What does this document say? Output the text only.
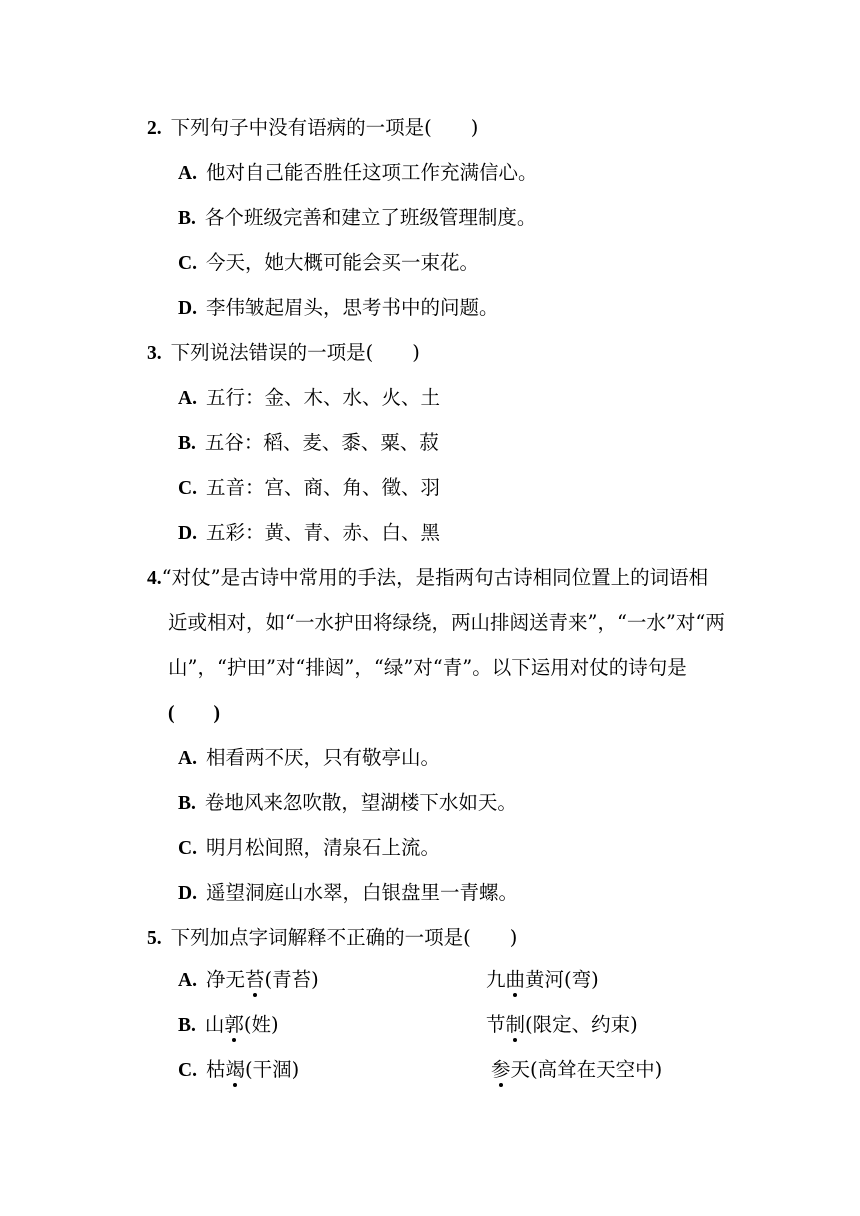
2. 下列句子中没有语病的一项是(　　)
A. 他对自己能否胜任这项工作充满信心。
B. 各个班级完善和建立了班级管理制度。
C. 今天，她大概可能会买一束花。
D. 李伟皱起眉头，思考书中的问题。
3. 下列说法错误的一项是(　　)
A. 五行：金、木、水、火、土
B. 五谷：稻、麦、黍、粟、菽
C. 五音：宫、商、角、徵、羽
D. 五彩：黄、青、赤、白、黑
4.“对仗”是古诗中常用的手法，是指两句古诗相同位置上的词语相
近或相对，如“一水护田将绿绕，两山排闼送青来”，“一水”对“两
山”，“护田”对“排闼”，“绿”对“青”。以下运用对仗的诗句是
(　　)
A. 相看两不厌，只有敬亭山。
B. 卷地风来忽吹散，望湖楼下水如天。
C. 明月松间照，清泉石上流。
D. 遥望洞庭山水翠，白银盘里一青螺。
5. 下列加点字词解释不正确的一项是(　　)
A. 净无苔(青苔)	九曲黄河(弯)
B. 山郭(姓)	节制(限定、约束)
C. 枯竭(干涸)	参天(高耸在天空中)
